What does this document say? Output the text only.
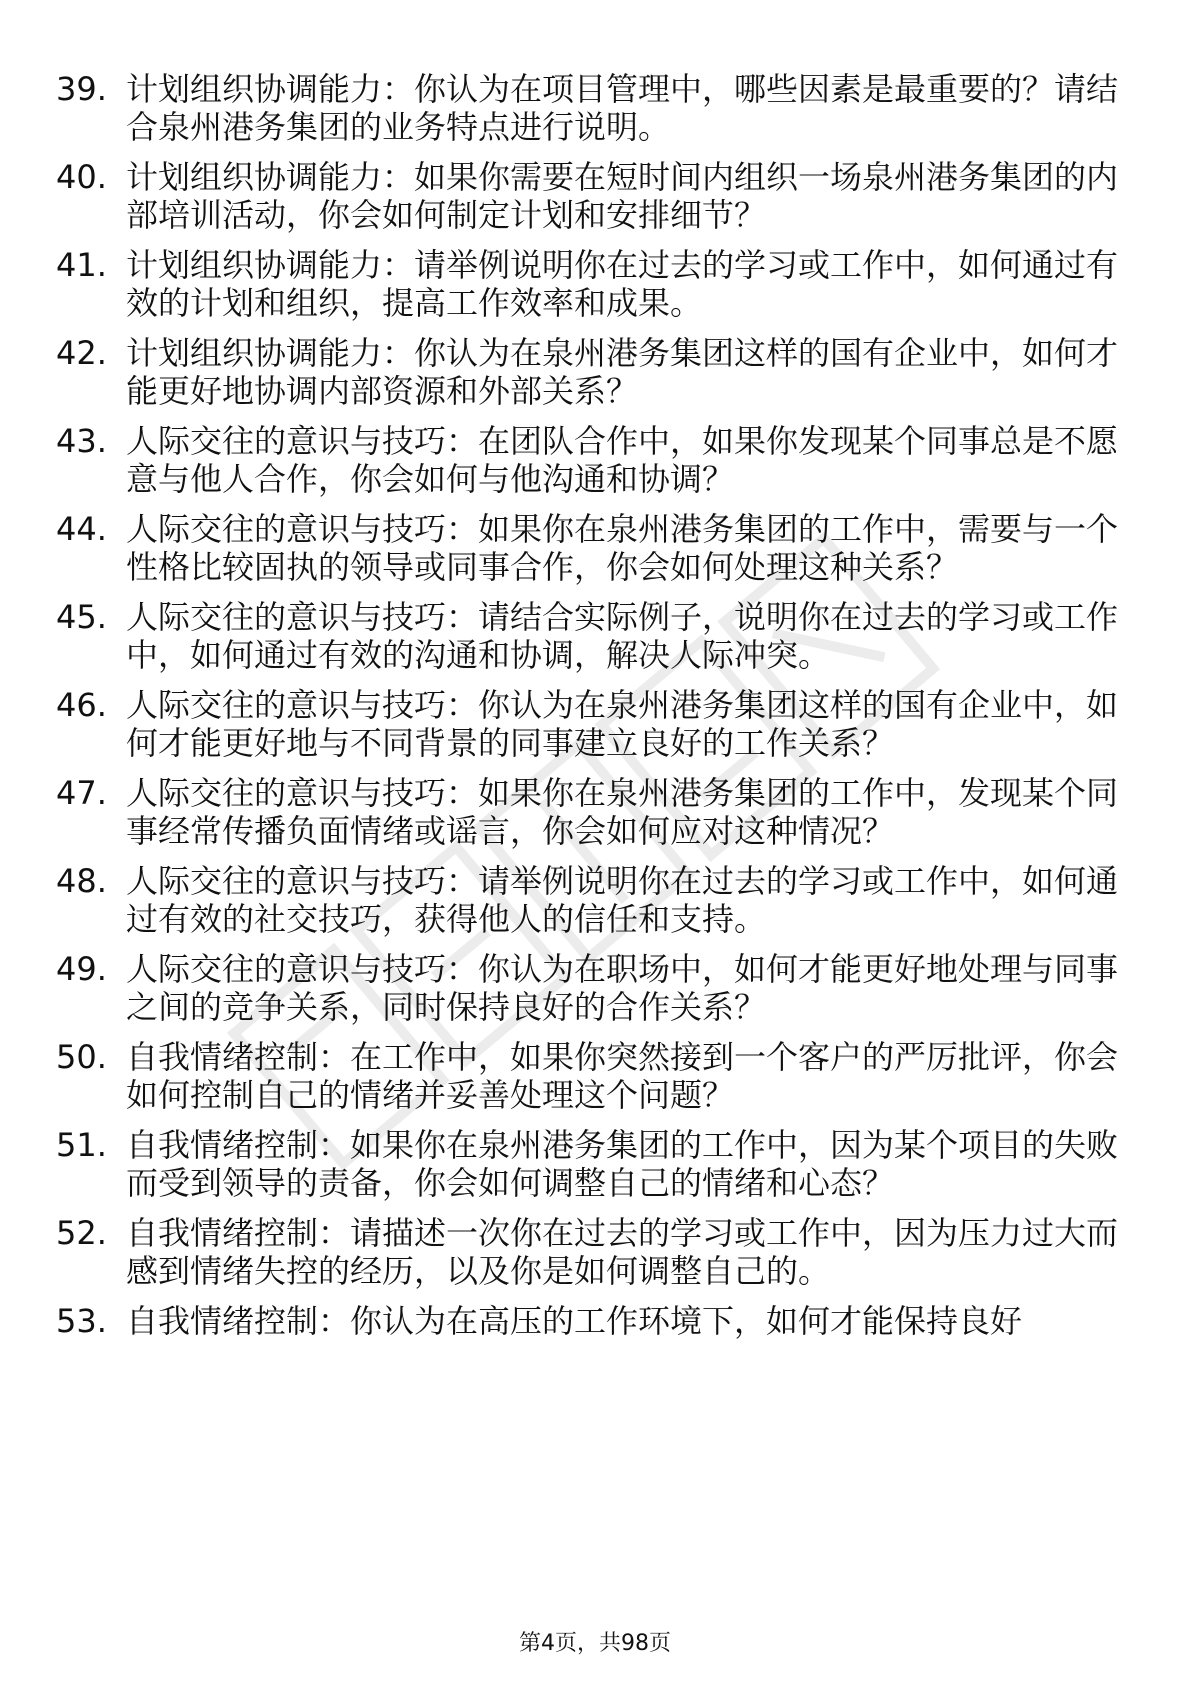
39. 计划组织协调能力：你认为在项目管理中，哪些因素是最重要的？请结合泉州港务集团的业务特点进行说明。
40. 计划组织协调能力：如果你需要在短时间内组织一场泉州港务集团的内部培训活动，你会如何制定计划和安排细节？
41. 计划组织协调能力：请举例说明你在过去的学习或工作中，如何通过有效的计划和组织，提高工作效率和成果。
42. 计划组织协调能力：你认为在泉州港务集团这样的国有企业中，如何才能更好地协调内部资源和外部关系？
43. 人际交往的意识与技巧：在团队合作中，如果你发现某个同事总是不愿意与他人合作，你会如何与他沟通和协调？
44. 人际交往的意识与技巧：如果你在泉州港务集团的工作中，需要与一个性格比较固执的领导或同事合作，你会如何处理这种关系？
45. 人际交往的意识与技巧：请结合实际例子，说明你在过去的学习或工作中，如何通过有效的沟通和协调，解决人际冲突。
46. 人际交往的意识与技巧：你认为在泉州港务集团这样的国有企业中，如何才能更好地与不同背景的同事建立良好的工作关系？
47. 人际交往的意识与技巧：如果你在泉州港务集团的工作中，发现某个同事经常传播负面情绪或谣言，你会如何应对这种情况？
48. 人际交往的意识与技巧：请举例说明你在过去的学习或工作中，如何通过有效的社交技巧，获得他人的信任和支持。
49. 人际交往的意识与技巧：你认为在职场中，如何才能更好地处理与同事之间的竞争关系，同时保持良好的合作关系？
50. 自我情绪控制：在工作中，如果你突然接到一个客户的严厉批评，你会如何控制自己的情绪并妥善处理这个问题？
51. 自我情绪控制：如果你在泉州港务集团的工作中，因为某个项目的失败而受到领导的责备，你会如何调整自己的情绪和心态？
52. 自我情绪控制：请描述一次你在过去的学习或工作中，因为压力过大而感到情绪失控的经历，以及你是如何调整自己的。
53. 自我情绪控制：你认为在高压的工作环境下，如何才能保持良好
第4页，共98页
